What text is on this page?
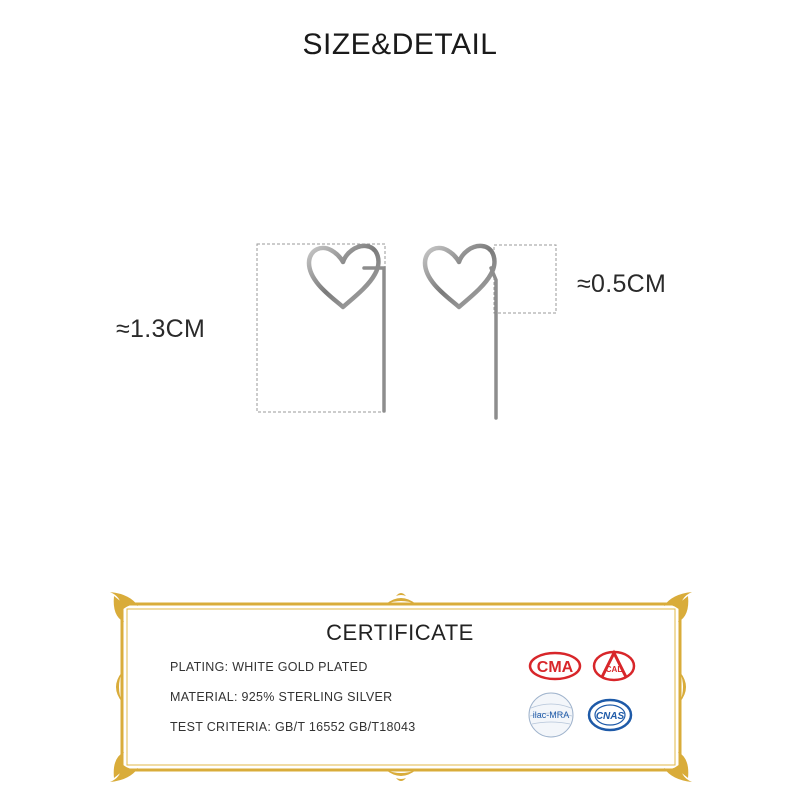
SIZE&DETAIL
≈1.3CM
≈0.5CM
CERTIFICATE
PLATING: WHITE GOLD PLATED
MATERIAL: 925% STERLING SILVER
TEST CRITERIA: GB/T 16552 GB/T18043
CMA	CAL
ilac-MRA	CNAS
